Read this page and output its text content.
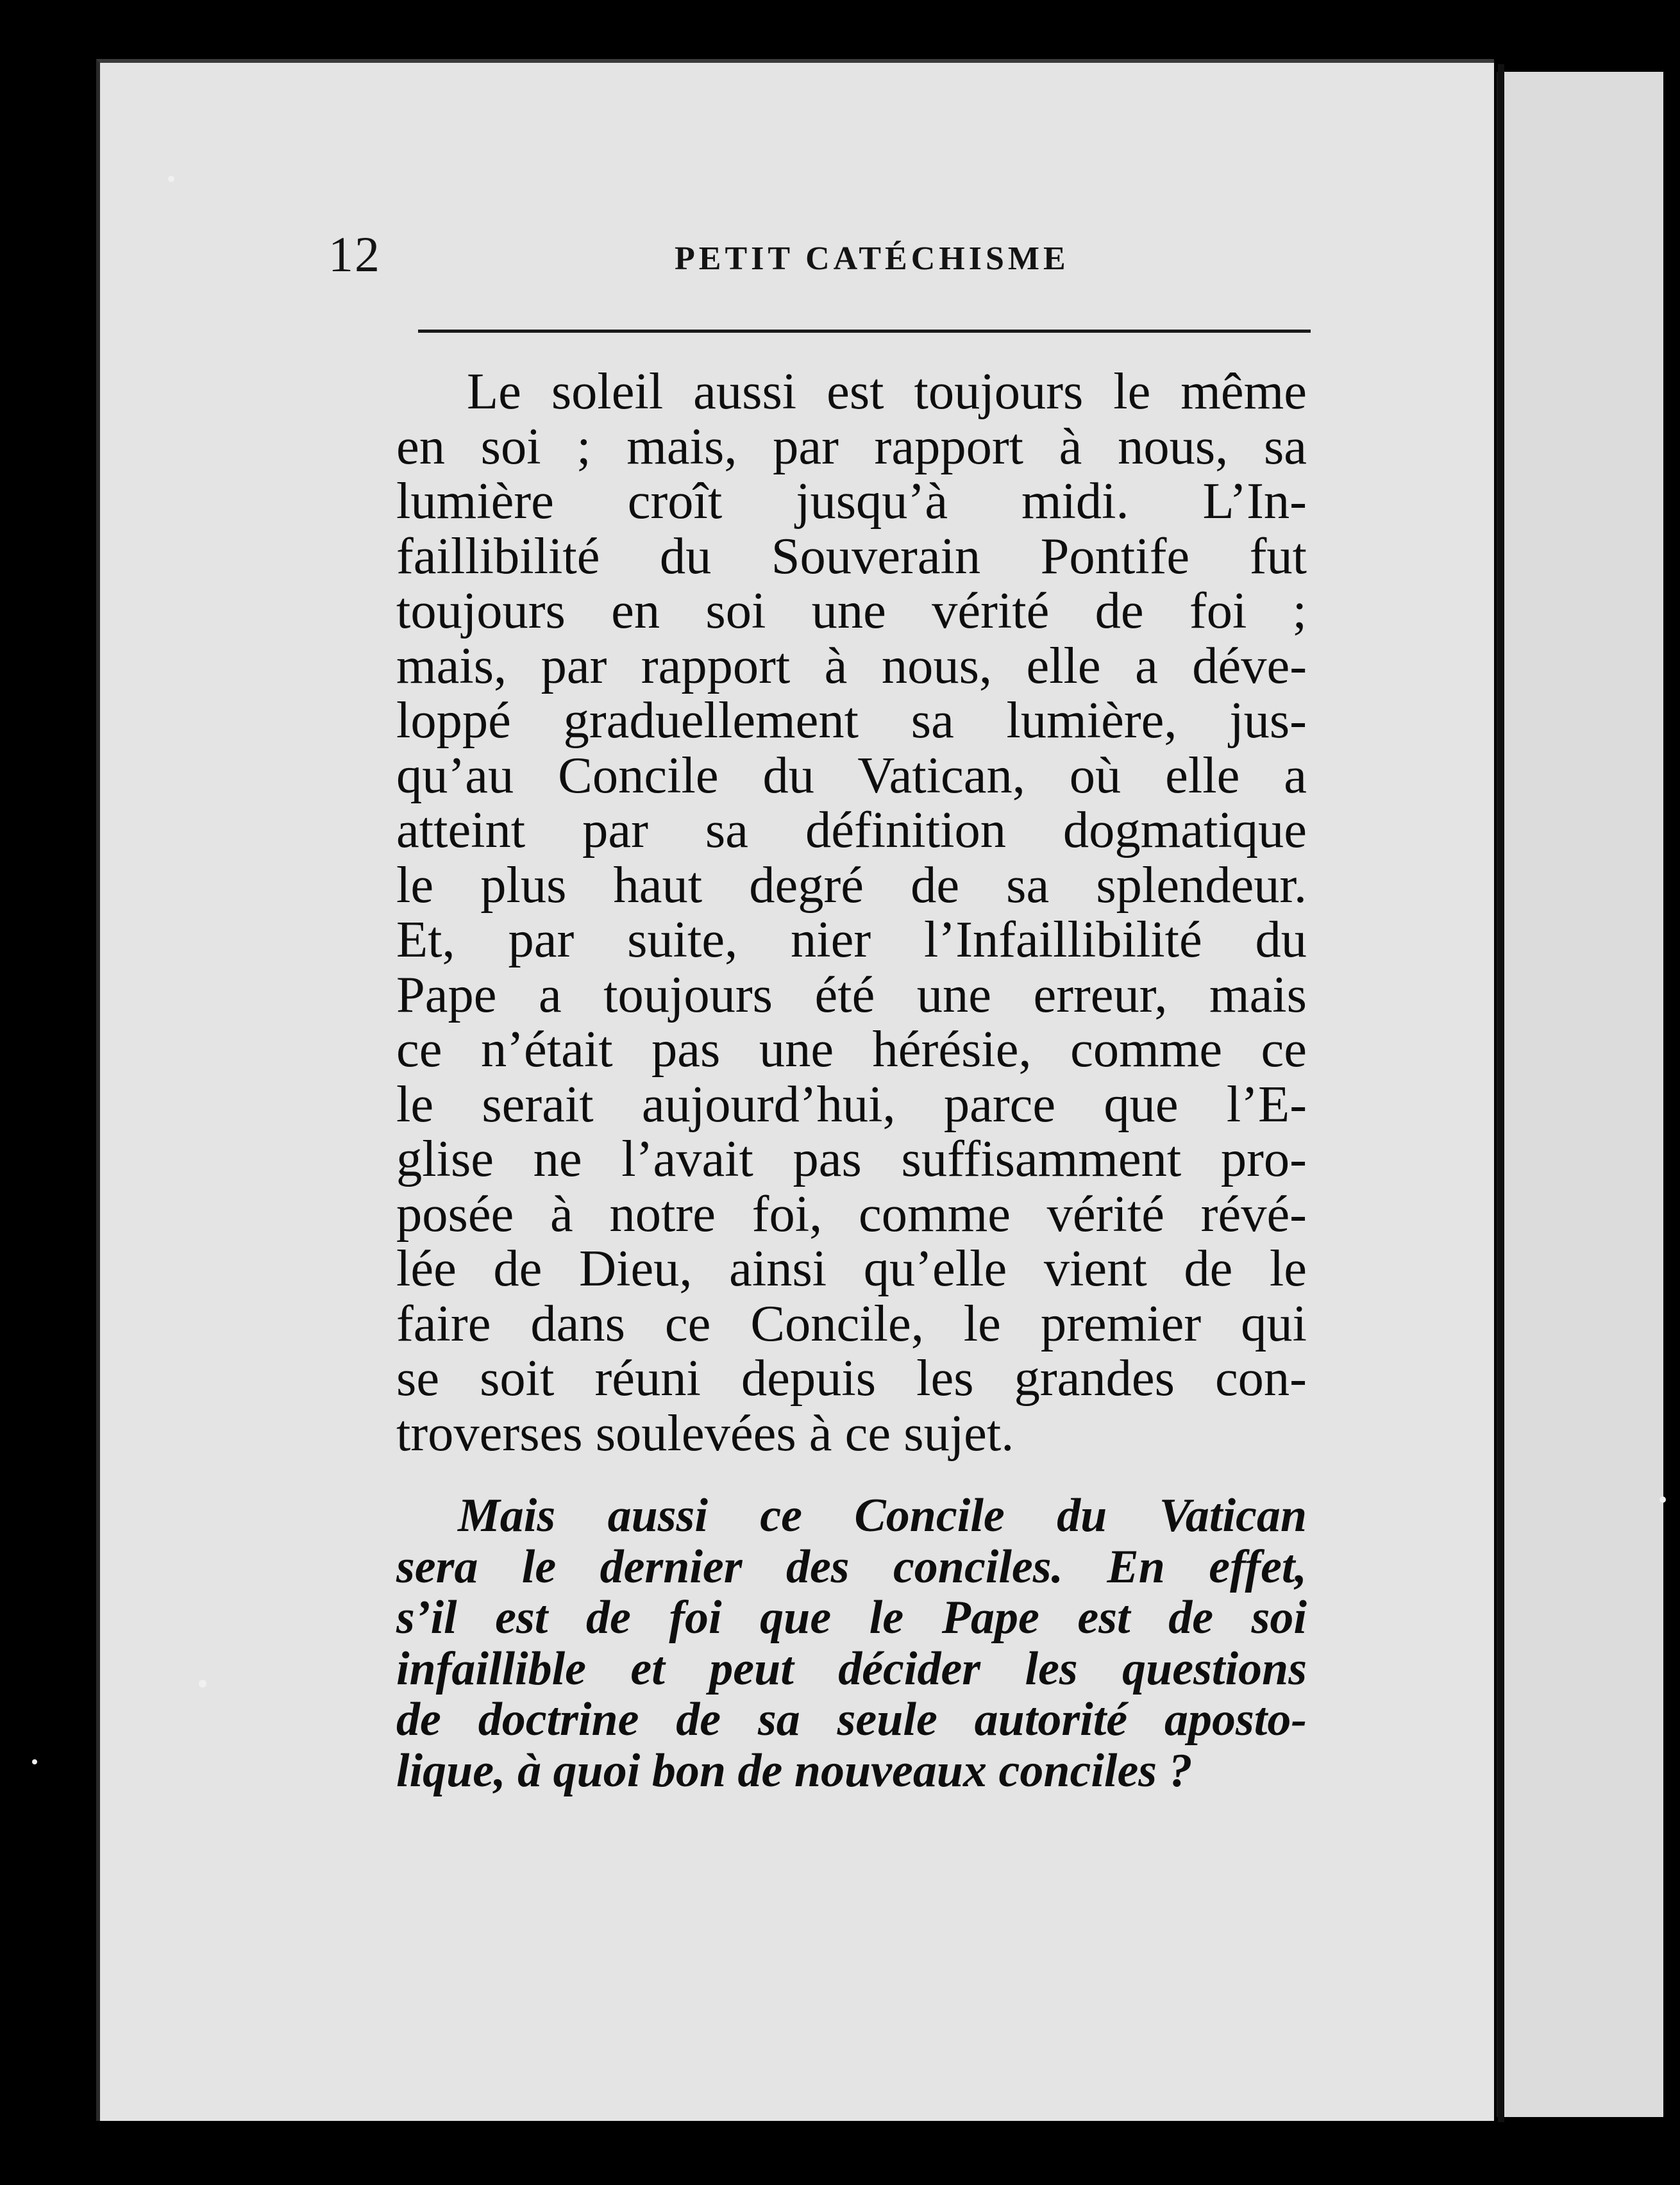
12	PETIT CATÉCHISME
Le soleil aussi est toujours le même
en soi ; mais, par rapport à nous, sa
lumière croît jusqu’à midi. L’In-
faillibilité du Souverain Pontife fut
toujours en soi une vérité de foi ;
mais, par rapport à nous, elle a déve-
loppé graduellement sa lumière, jus-
qu’au Concile du Vatican, où elle a
atteint par sa définition dogmatique
le plus haut degré de sa splendeur.
Et, par suite, nier l’Infaillibilité du
Pape a toujours été une erreur, mais
ce n’était pas une hérésie, comme ce
le serait aujourd’hui, parce que l’E-
glise ne l’avait pas suffisamment pro-
posée à notre foi, comme vérité révé-
lée de Dieu, ainsi qu’elle vient de le
faire dans ce Concile, le premier qui
se soit réuni depuis les grandes con-
troverses soulevées à ce sujet.
Mais aussi ce Concile du Vatican
sera le dernier des conciles. En effet,
s’il est de foi que le Pape est de soi
infaillible et peut décider les questions
de doctrine de sa seule autorité aposto-
lique, à quoi bon de nouveaux conciles ?
